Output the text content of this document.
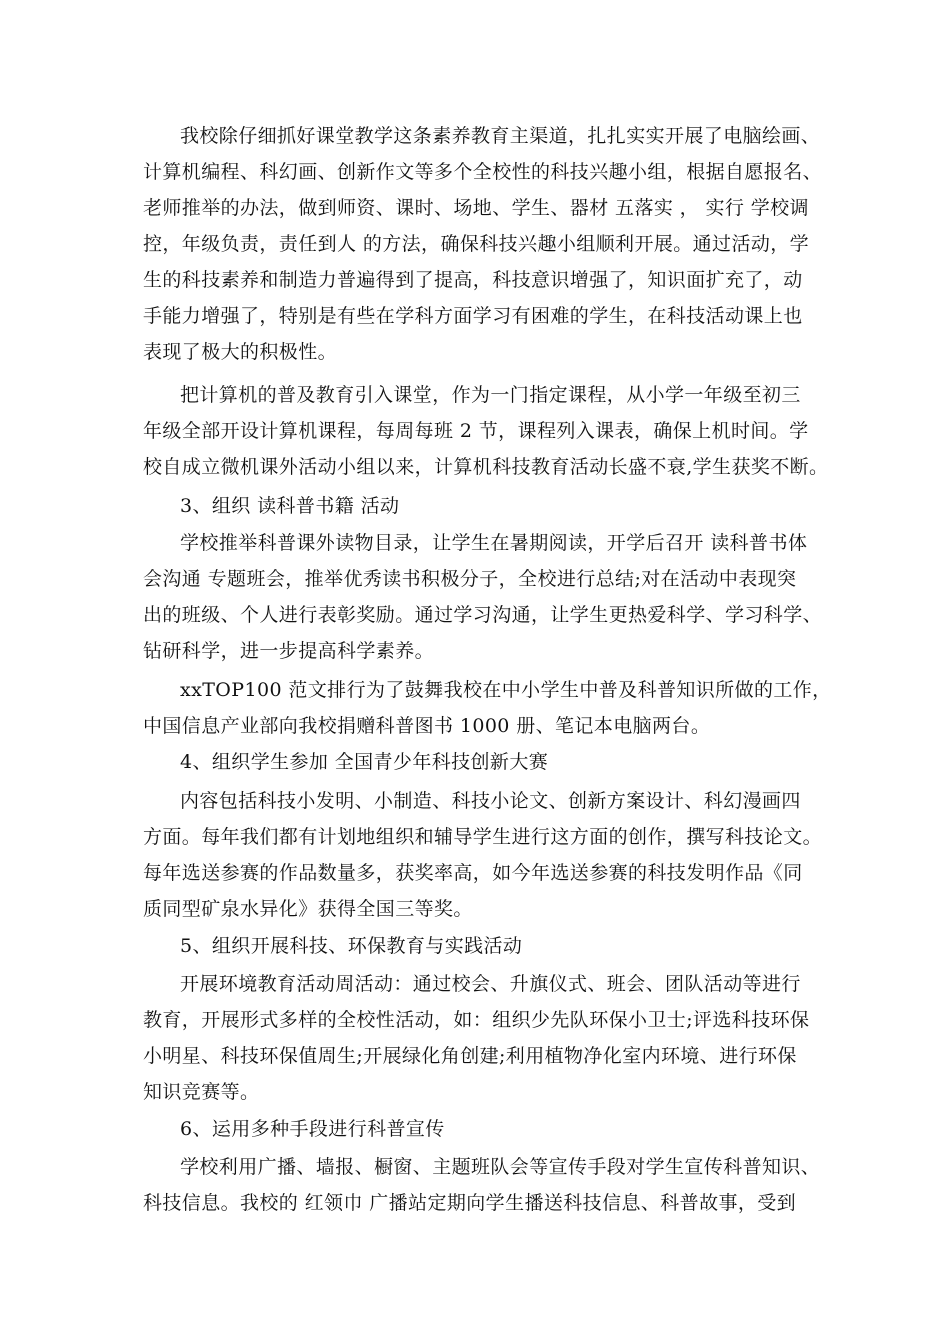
我校除仔细抓好课堂教学这条素养教育主渠道，扎扎实实开展了电脑绘画、
计算机编程、科幻画、创新作文等多个全校性的科技兴趣小组，根据自愿报名、
老师推举的办法，做到师资、课时、场地、学生、器材 五落实 ， 实行 学校调
控，年级负责，责任到人 的方法，确保科技兴趣小组顺利开展。通过活动，学
生的科技素养和制造力普遍得到了提高，科技意识增强了，知识面扩充了，动
手能力增强了，特别是有些在学科方面学习有困难的学生，在科技活动课上也
表现了极大的积极性。
把计算机的普及教育引入课堂，作为一门指定课程，从小学一年级至初三
年级全部开设计算机课程，每周每班 2 节，课程列入课表，确保上机时间。学
校自成立微机课外活动小组以来，计算机科技教育活动长盛不衰,学生获奖不断。
3、组织 读科普书籍 活动
学校推举科普课外读物目录，让学生在暑期阅读，开学后召开 读科普书体
会沟通 专题班会，推举优秀读书积极分子，全校进行总结;对在活动中表现突
出的班级、个人进行表彰奖励。通过学习沟通，让学生更热爱科学、学习科学、
钻研科学，进一步提高科学素养。
xxTOP100 范文排行为了鼓舞我校在中小学生中普及科普知识所做的工作，
中国信息产业部向我校捐赠科普图书 1000 册、笔记本电脑两台。
4、组织学生参加 全国青少年科技创新大赛
内容包括科技小发明、小制造、科技小论文、创新方案设计、科幻漫画四
方面。每年我们都有计划地组织和辅导学生进行这方面的创作，撰写科技论文。
每年选送参赛的作品数量多，获奖率高，如今年选送参赛的科技发明作品《同
质同型矿泉水异化》获得全国三等奖。
5、组织开展科技、环保教育与实践活动
开展环境教育活动周活动：通过校会、升旗仪式、班会、团队活动等进行
教育，开展形式多样的全校性活动，如：组织少先队环保小卫士;评选科技环保
小明星、科技环保值周生;开展绿化角创建;利用植物净化室内环境、进行环保
知识竞赛等。
6、运用多种手段进行科普宣传
学校利用广播、墙报、橱窗、主题班队会等宣传手段对学生宣传科普知识、
科技信息。我校的 红领巾 广播站定期向学生播送科技信息、科普故事，受到
